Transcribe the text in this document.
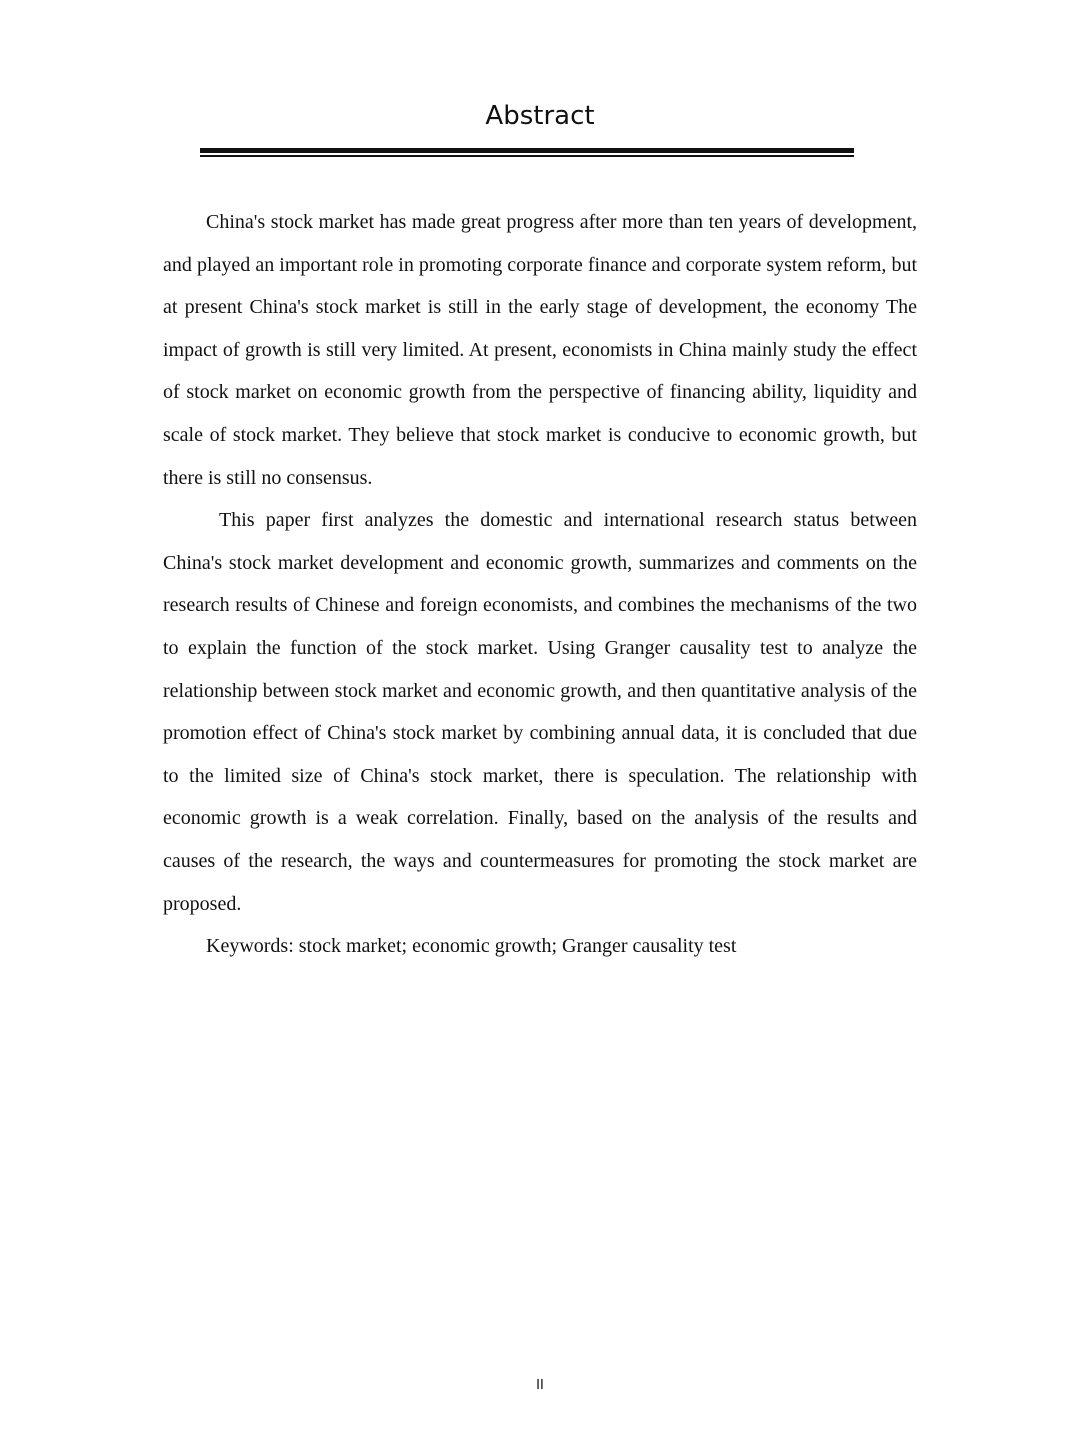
Abstract

China's stock market has made great progress after more than ten years of development, and played an important role in promoting corporate finance and corporate system reform, but at present China's stock market is still in the early stage of development, the economy The impact of growth is still very limited. At present, economists in China mainly study the effect of stock market on economic growth from the perspective of financing ability, liquidity and scale of stock market. They believe that stock market is conducive to economic growth, but there is still no consensus.

This paper first analyzes the domestic and international research status between China's stock market development and economic growth, summarizes and comments on the research results of Chinese and foreign economists, and combines the mechanisms of the two to explain the function of the stock market. Using Granger causality test to analyze the relationship between stock market and economic growth, and then quantitative analysis of the promotion effect of China's stock market by combining annual data, it is concluded that due to the limited size of China's stock market, there is speculation. The relationship with economic growth is a weak correlation. Finally, based on the analysis of the results and causes of the research, the ways and countermeasures for promoting the stock market are proposed.

Keywords: stock market; economic growth; Granger causality test

II
